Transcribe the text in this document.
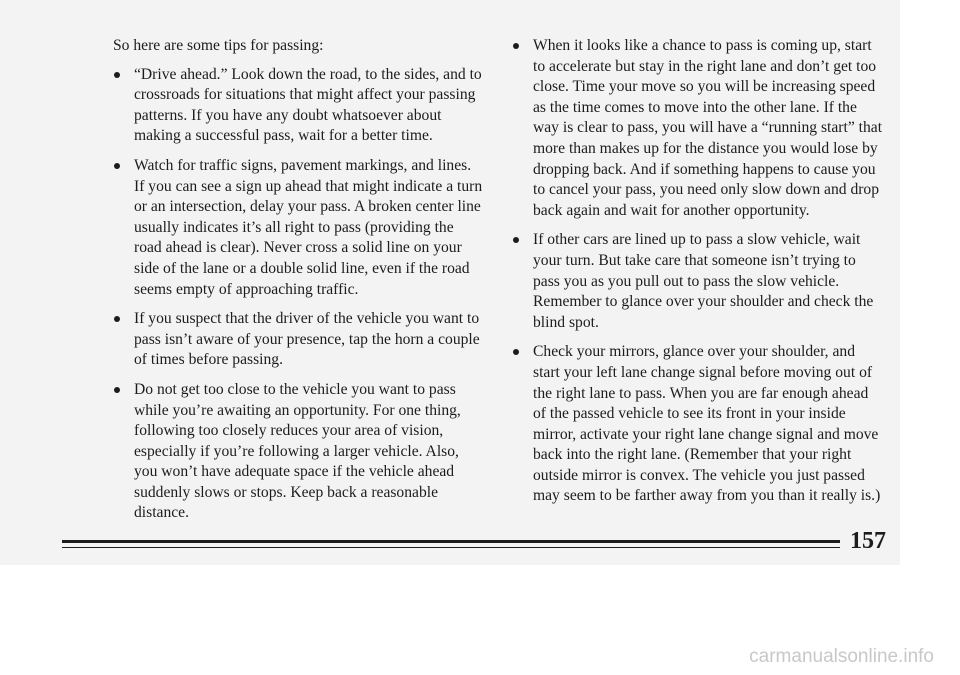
So here are some tips for passing:

“Drive ahead.” Look down the road, to the sides, and to crossroads for situations that might affect your passing patterns. If you have any doubt whatsoever about making a successful pass, wait for a better time.
Watch for traffic signs, pavement markings, and lines. If you can see a sign up ahead that might indicate a turn or an intersection, delay your pass. A broken center line usually indicates it’s all right to pass (providing the road ahead is clear). Never cross a solid line on your side of the lane or a double solid line, even if the road seems empty of approaching traffic.
If you suspect that the driver of the vehicle you want to pass isn’t aware of your presence, tap the horn a couple of times before passing.
Do not get too close to the vehicle you want to pass while you’re awaiting an opportunity. For one thing, following too closely reduces your area of vision, especially if you’re following a larger vehicle. Also, you won’t have adequate space if the vehicle ahead suddenly slows or stops. Keep back a reasonable distance.
When it looks like a chance to pass is coming up, start to accelerate but stay in the right lane and don’t get too close. Time your move so you will be increasing speed as the time comes to move into the other lane. If the way is clear to pass, you will have a “running start” that more than makes up for the distance you would lose by dropping back. And if something happens to cause you to cancel your pass, you need only slow down and drop back again and wait for another opportunity.
If other cars are lined up to pass a slow vehicle, wait your turn. But take care that someone isn’t trying to pass you as you pull out to pass the slow vehicle. Remember to glance over your shoulder and check the blind spot.
Check your mirrors, glance over your shoulder, and start your left lane change signal before moving out of the right lane to pass. When you are far enough ahead of the passed vehicle to see its front in your inside mirror, activate your right lane change signal and move back into the right lane. (Remember that your right outside mirror is convex. The vehicle you just passed may seem to be farther away from you than it really is.)
157
carmanualsonline.info
